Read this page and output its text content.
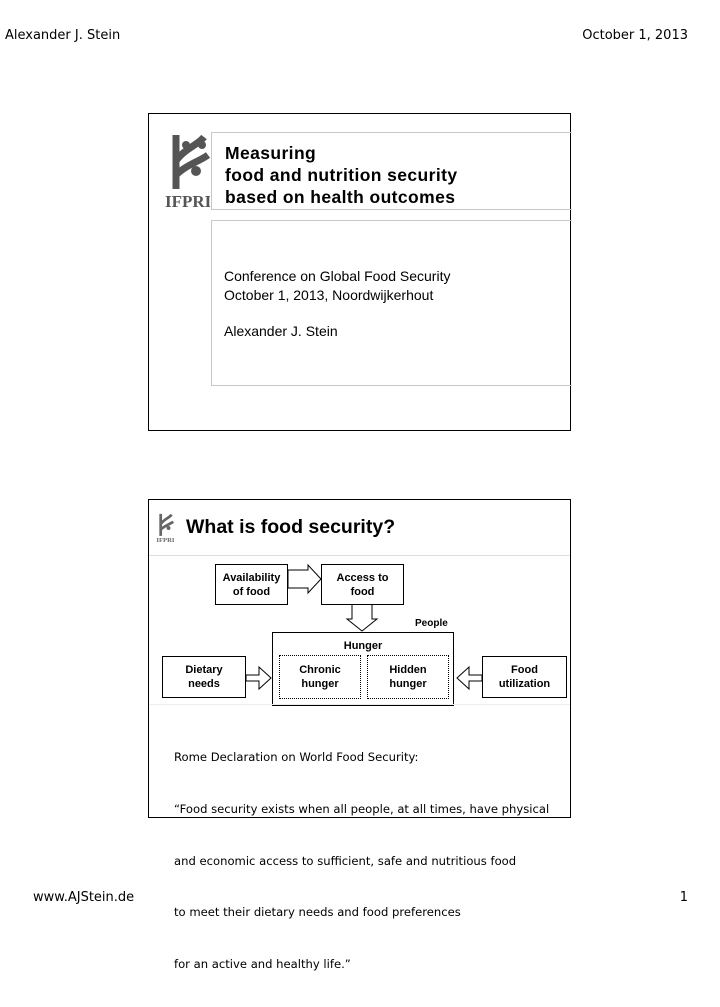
Alexander J. Stein	October 1, 2013
IFPRI
Measuring
food and nutrition security
based on health outcomes
Conference on Global Food Security
October 1, 2013, Noordwijkerhout
Alexander J. Stein
IFPRI
What is food security?
Availability
of food
Access to
food
People
Hunger
Chronic
hunger
Hidden
hunger
Dietary
needs
Food
utilization

Rome Declaration on World Food Security:

“Food security exists when all people, at all times, have physical

and economic access to sufficient, safe and nutritious food

to meet their dietary needs and food preferences

for an active and healthy life.”

www.AJStein.de	1
